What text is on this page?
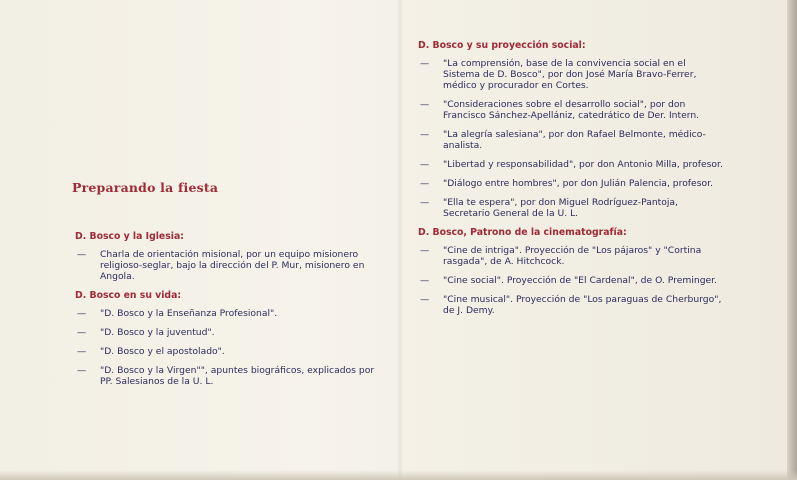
Preparando la fiesta
D. Bosco y la Iglesia:
— Charla de orientación misional, por un equipo misionero religioso-seglar, bajo la dirección del P. Mur, misionero en Angola.
D. Bosco en su vida:
— "D. Bosco y la Enseñanza Profesional".
— "D. Bosco y la juventud".
— "D. Bosco y el apostolado".
— "D. Bosco y la Virgen"", apuntes biográficos, explicados por PP. Salesianos de la U. L.
D. Bosco y su proyección social:
— "La comprensión, base de la convivencia social en el Sistema de D. Bosco", por don José María Bravo-Ferrer, médico y procurador en Cortes.
— "Consideraciones sobre el desarrollo social", por don Francisco Sánchez-Apellániz, catedrático de Der. Intern.
— "La alegría salesiana", por don Rafael Belmonte, médico-analista.
— "Libertad y responsabilidad", por don Antonio Milla, profesor.
— "Diálogo entre hombres", por don Julián Palencia, profesor.
— "Ella te espera", por don Miguel Rodríguez-Pantoja, Secretario General de la U. L.
D. Bosco, Patrono de la cinematografía:
— "Cine de intriga". Proyección de "Los pájaros" y "Cortina rasgada", de A. Hitchcock.
— "Cine social". Proyección de "El Cardenal", de O. Preminger.
— "Cine musical". Proyección de "Los paraguas de Cherburgo", de J. Demy.
